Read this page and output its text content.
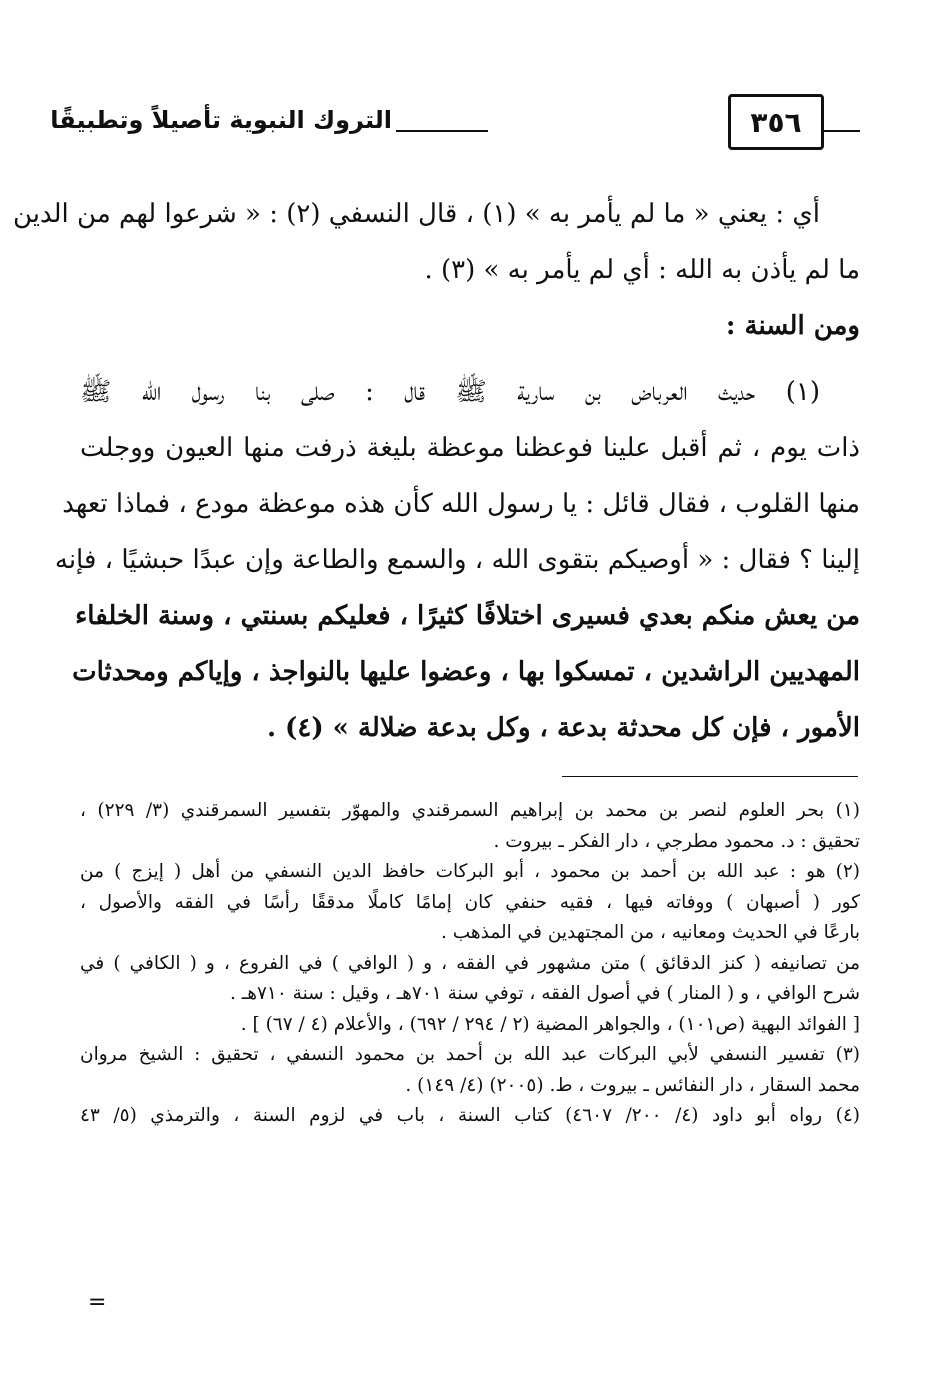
التروك النبوية تأصيلاً وتطبيقًا	٣٥٦
أي : يعني « ما لم يأمر به » (١) ، قال النسفي (٢) : « شرعوا لهم من الدين
ما لم يأذن به الله : أي لم يأمر به » (٣) .
ومن السنة :
(١) حديث العرباض بن سارية ﷺ قال : صلى بنا رسول الله ﷺ
ذات يوم ، ثم أقبل علينا فوعظنا موعظة بليغة ذرفت منها العيون ووجلت
منها القلوب ، فقال قائل : يا رسول الله كأن هذه موعظة مودع ، فماذا تعهد
إلينا ؟ فقال : « أوصيكم بتقوى الله ، والسمع والطاعة وإن عبدًا حبشيًا ، فإنه
من يعش منكم بعدي فسيرى اختلافًا كثيرًا ، فعليكم بسنتي ، وسنة الخلفاء
المهديين الراشدين ، تمسكوا بها ، وعضوا عليها بالنواجذ ، وإياكم ومحدثات
الأمور ، فإن كل محدثة بدعة ، وكل بدعة ضلالة » (٤) .
(١) بحر العلوم لنصر بن محمد بن إبراهيم السمرقندي والمهوّر بتفسير السمرقندي (٣/ ٢٢٩) ،
تحقيق : د. محمود مطرجي ، دار الفكر ـ بيروت .
(٢) هو : عبد الله بن أحمد بن محمود ، أبو البركات حافظ الدين النسفي من أهل ( إيزج ) من
كور ( أصبهان ) ووفاته فيها ، فقيه حنفي كان إمامًا كاملًا مدققًا رأسًا في الفقه والأصول ،
بارعًا في الحديث ومعانيه ، من المجتهدين في المذهب .
من تصانيفه ( كنز الدقائق ) متن مشهور في الفقه ، و ( الوافي ) في الفروع ، و ( الكافي ) في
شرح الوافي ، و ( المنار ) في أصول الفقه ، توفي سنة ٧٠١هـ ، وقيل : سنة ٧١٠هـ .
[ الفوائد البهية (ص١٠١) ، والجواهر المضية (٢ / ٢٩٤ / ٦٩٢) ، والأعلام (٤ / ٦٧) ] .
(٣) تفسير النسفي لأبي البركات عبد الله بن أحمد بن محمود النسفي ، تحقيق : الشيخ مروان
محمد السقار ، دار النفائس ـ بيروت ، ط. (٢٠٠٥) (٤/ ١٤٩) .
(٤) رواه أبو داود (٤/ ٢٠٠/ ٤٦٠٧) كتاب السنة ، باب في لزوم السنة ، والترمذي (٥/ ٤٣
=
